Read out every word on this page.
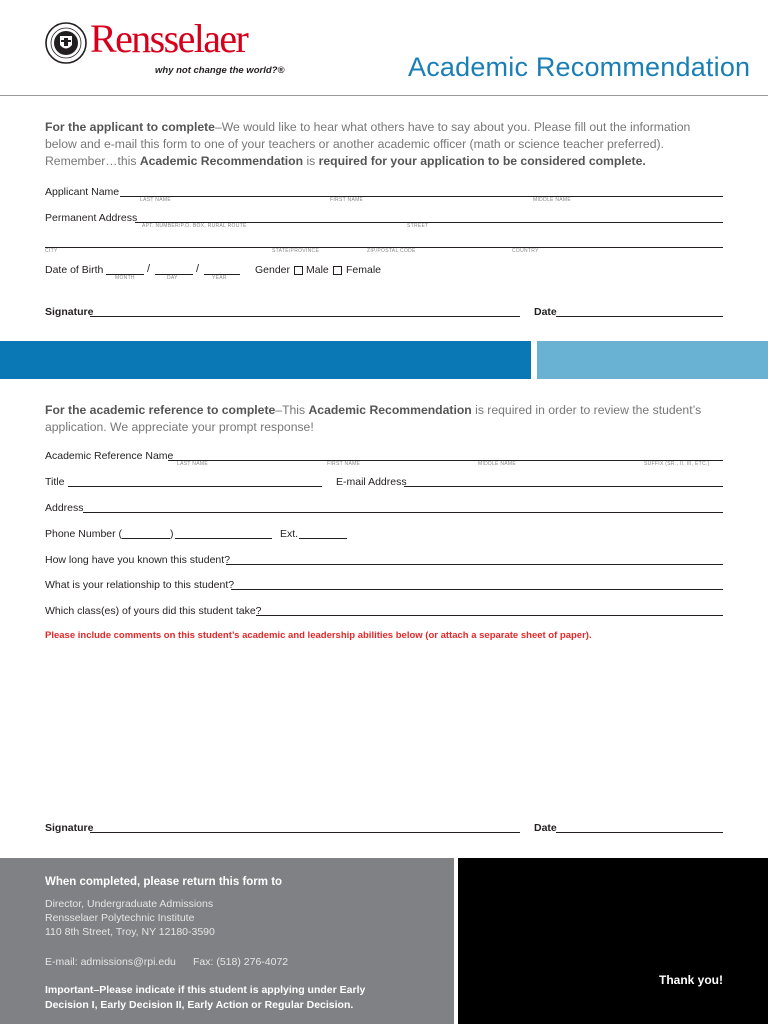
Rensselaer
why not change the world?®	Academic Recommendation
For the applicant to complete–We would like to hear what others have to say about you. Please fill out the information below and e-mail this form to one of your teachers or another academic officer (math or science teacher preferred). Remember…this Academic Recommendation is required for your application to be considered complete.
Applicant Name
LAST NAME	FIRST NAME	MIDDLE NAME
Permanent Address
APT. NUMBER/P.O. BOX, RURAL ROUTE	STREET
CITY	STATE/PROVINCE	ZIP/POSTAL CODE	COUNTRY
Date of Birth	/	/
MONTH	DAY	YEAR
Gender Male Female
Signature	Date
For the academic reference to complete–This Academic Recommendation is required in order to review the student’s application. We appreciate your prompt response!
Academic Reference Name
LAST NAME	FIRST NAME	MIDDLE NAME	SUFFIX (SR., II, III, ETC.)
Title	E-mail Address
Address
Phone Number (	)	Ext.
How long have you known this student?
What is your relationship to this student?
Which class(es) of yours did this student take?
Please include comments on this student’s academic and leadership abilities below (or attach a separate sheet of paper).
Signature	Date
When completed, please return this form to
Director, Undergraduate Admissions
Rensselaer Polytechnic Institute
110 8th Street, Troy, NY 12180-3590
E-mail: admissions@rpi.edu Fax: (518) 276-4072
Important–Please indicate if this student is applying under Early Decision I, Early Decision II, Early Action or Regular Decision.
Thank you!
